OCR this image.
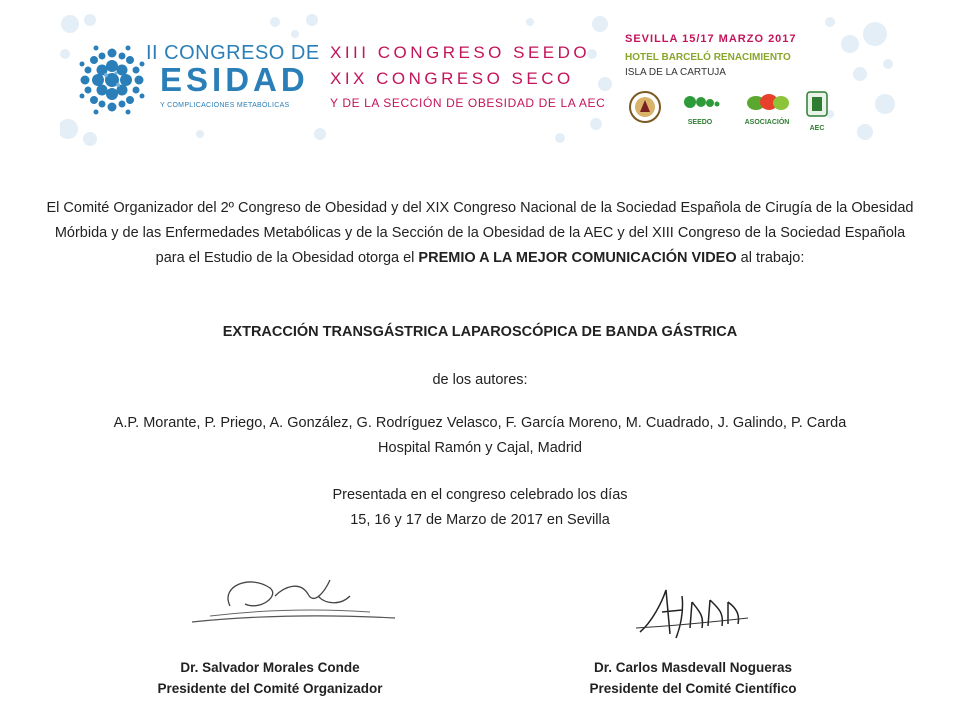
II CONGRESO DE
ESIDAD
Y COMPLICACIONES METABÓLICAS
XIII CONGRESO SEEDO
XIX CONGRESO SECO
Y DE LA SECCIÓN DE OBESIDAD DE LA AEC
SEVILLA 15/17 MARZO 2017
HOTEL BARCELÓ RENACIMIENTO
ISLA DE LA CARTUJA
SEEDO	ASOCIACIÓN
AEC
El Comité Organizador del 2º Congreso de Obesidad y del XIX Congreso Nacional de la Sociedad Española de Cirugía de la Obesidad Mórbida y de las Enfermedades Metabólicas y de la Sección de la Obesidad de la AEC y del XIII Congreso de la Sociedad Española para el Estudio de la Obesidad otorga el PREMIO A LA MEJOR COMUNICACIÓN VIDEO al trabajo:
EXTRACCIÓN TRANSGÁSTRICA LAPAROSCÓPICA DE BANDA GÁSTRICA
de los autores:
A.P. Morante, P. Priego, A. González, G. Rodríguez Velasco, F. García Moreno, M. Cuadrado, J. Galindo, P. Carda
Hospital Ramón y Cajal, Madrid
Presentada en el congreso celebrado los días
15, 16 y 17 de Marzo de 2017 en Sevilla
Dr. Salvador Morales Conde
Presidente del Comité Organizador
Dr. Carlos Masdevall Nogueras
Presidente del Comité Científico
